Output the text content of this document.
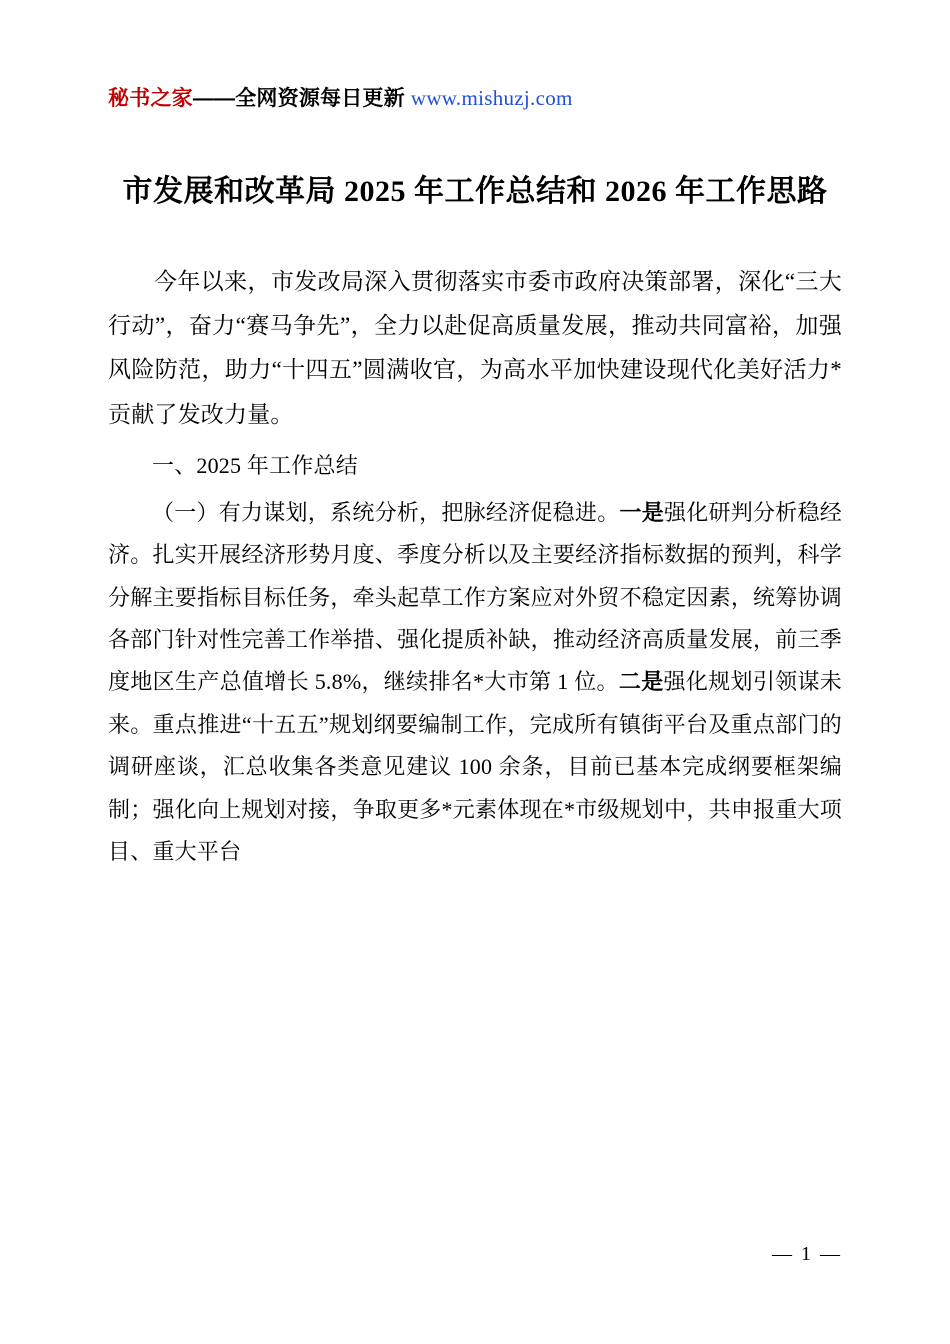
秘书之家——全网资源每日更新 www.mishuzj.com
市发展和改革局 2025 年工作总结和 2026 年工作思路

今年以来，市发改局深入贯彻落实市委市政府决策部署，深化“三大行动”，奋力“赛马争先”，全力以赴促高质量发展，推动共同富裕，加强风险防范，助力“十四五”圆满收官，为高水平加快建设现代化美好活力*贡献了发改力量。

一、2025 年工作总结

（一）有力谋划，系统分析，把脉经济促稳进。一是强化研判分析稳经济。扎实开展经济形势月度、季度分析以及主要经济指标数据的预判，科学分解主要指标目标任务，牵头起草工作方案应对外贸不稳定因素，统筹协调各部门针对性完善工作举措、强化提质补缺，推动经济高质量发展，前三季度地区生产总值增长 5.8%，继续排名*大市第 1 位。二是强化规划引领谋未来。重点推进“十五五”规划纲要编制工作，完成所有镇街平台及重点部门的调研座谈，汇总收集各类意见建议 100 余条，目前已基本完成纲要框架编制；强化向上规划对接，争取更多*元素体现在*市级规划中，共申报重大项目、重大平台

— 1 —
